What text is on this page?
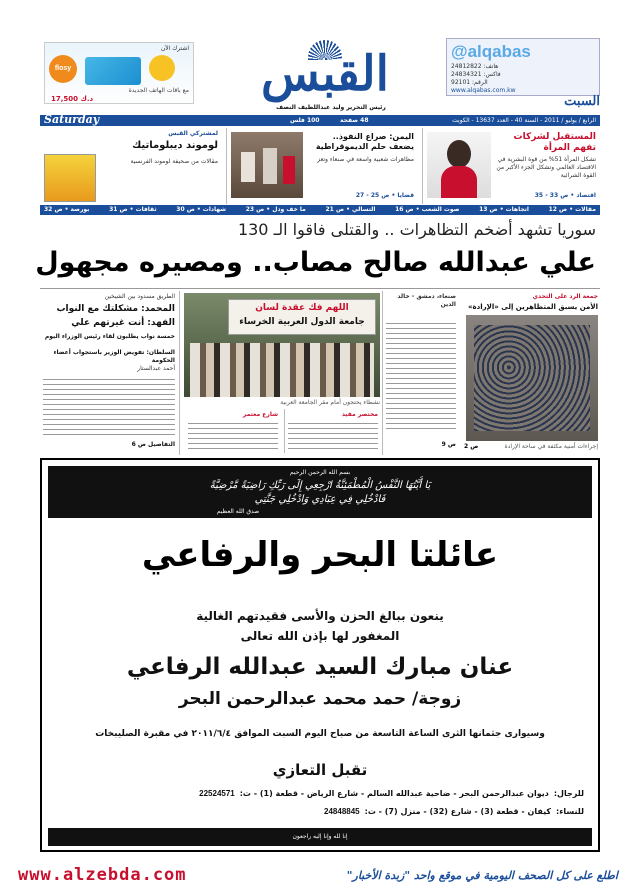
اشترك الآن
flosy
مع باقات الهاتف الجديدة
17,500 د.ك	القبس
رئيس التحرير وليد عبداللطيف النصف
@alqabas
هاتف: 24812822
فاكس: 24834321
الرقم: 92101
www.alqabas.com.kw
السبت
Saturday	100 فلس	48 صفحة	الرابع / يوليو / 2011 - السنة 40 - العدد 13637 - الكويت
المستقبل لشركات تفهم المرأة
تشكل المرأة 51% من قوة البشرية في الاقتصاد العالمي وتشكل الجزء الأكبر من القوة الشرائية
اقتصاد • ص 33 - 35
اليمن: صراع النفوذ.. يضعف حلم الديموقراطية
مظاهرات شعبية واسعة في صنعاء وتعز
قضايا • ص 25 - 27
لمشتركي القبس
لوموند ديبلوماتيك
مقالات من صحيفة لوموند الفرنسية
مقالات • ص 12
اتجاهات • ص 13
صوت الشعب • ص 16
التسالي • ص 21
ما خف ودل • ص 23
شهادات • ص 30
ثقافات • ص 31
بورصة • ص 32
سوريا تشهد أضخم التظاهرات .. والقتلى فاقوا الـ 130
علي عبدالله صالح مصاب.. ومصيره مجهول
جمعة الرد على التحدي
الأمن يسبق المتظاهرين إلى «الإرادة»
إجراءات أمنية مكثفة في ساحة الإرادة
ص 2
صنعاء، دمشق - خالد الدين
ص 9
اللهم فك عقدة لسان
جامعة الدول العربية الخرساء
نشطاء يحتجون أمام مقر الجامعة العربية
مختصر مفيد
شارع معتمر
الطريق مسدود بين الشيخين
المحمد: مشكلتك مع النواب
الفهد: أنت غيرتهم علي
خمسة نواب يطلبون لقاء رئيس الوزراء اليوم
السلطان: تفويض الوزير باستجواب أعضاء الحكومة
أحمد عبدالستار
التفاصيل ص 6
بسم الله الرحمن الرحيم
يَا أَيَّتُهَا النَّفْسُ الْمُطْمَئِنَّةُ ارْجِعِي إِلَى رَبِّكِ رَاضِيَةً مَّرْضِيَّةً
فَادْخُلِي فِي عِبَادِي وَادْخُلِي جَنَّتِي
صدق الله العظيم
عائلتا البحر والرفاعي
ينعون ببالغ الحزن والأسى فقيدتهم الغالية
المغفور لها بإذن الله تعالى
عنان مبارك السيد عبدالله الرفاعي
زوجة/ حمد محمد عبدالرحمن البحر
وسيوارى جثمانها الثرى الساعة التاسعة من صباح اليوم السبت الموافق ٢٠١١/٦/٤ في مقبرة الصليبخات
تقبل التعازي
للرجال:
ديوان عبدالرحمن البحر - ضاحية عبدالله السالم - شارع الرياض - قطعة (1) - ت:
22524571
للنساء:
كيفان - قطعة (3) - شارع (32) - منزل (7) - ت:
24848845
إنا لله وإنا إليه راجعون
www.alzebda.com	اطلع على كل الصحف اليومية في موقع واحد "زبدة الأخبار"
